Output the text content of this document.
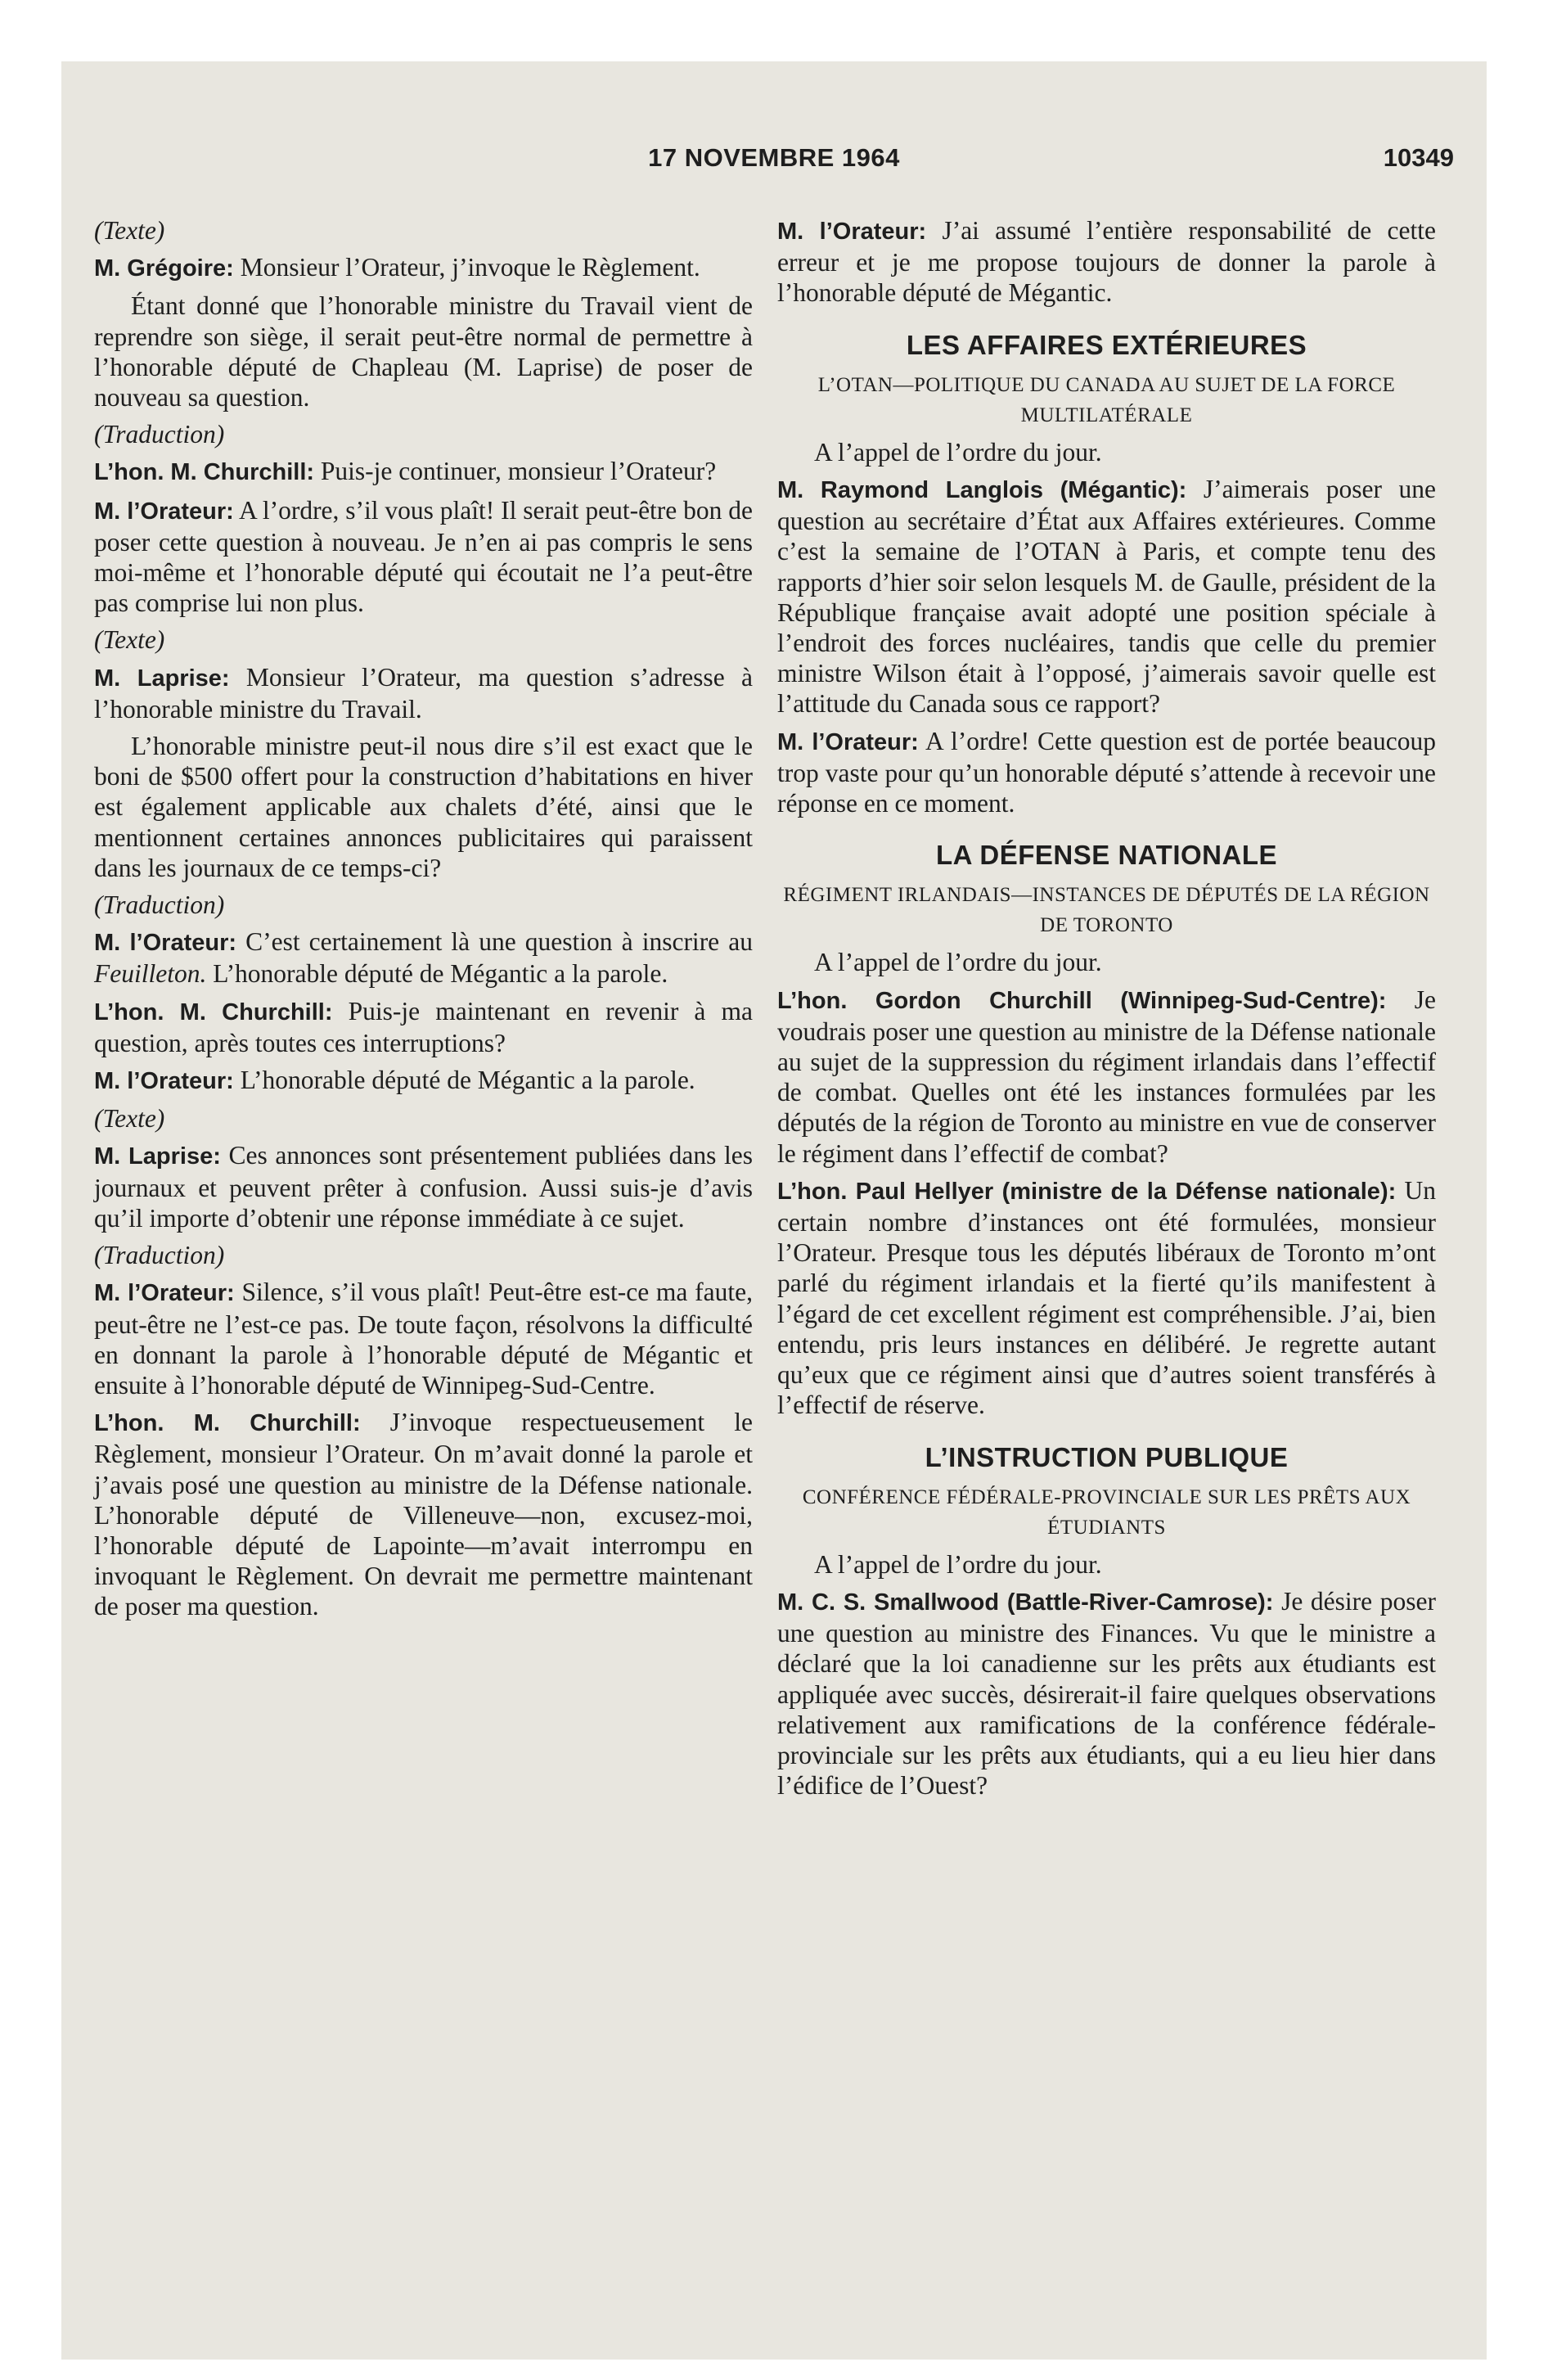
17 NOVEMBRE 1964	10349

(Texte)

M. Grégoire: Monsieur l’Orateur, j’invoque le Règlement.

Étant donné que l’honorable ministre du Travail vient de reprendre son siège, il serait peut-être normal de permettre à l’honorable député de Chapleau (M. Laprise) de poser de nouveau sa question.

(Traduction)

L’hon. M. Churchill: Puis-je continuer, monsieur l’Orateur?

M. l’Orateur: A l’ordre, s’il vous plaît! Il serait peut-être bon de poser cette question à nouveau. Je n’en ai pas compris le sens moi-même et l’honorable député qui écoutait ne l’a peut-être pas comprise lui non plus.

(Texte)

M. Laprise: Monsieur l’Orateur, ma question s’adresse à l’honorable ministre du Travail.

L’honorable ministre peut-il nous dire s’il est exact que le boni de $500 offert pour la construction d’habitations en hiver est également applicable aux chalets d’été, ainsi que le mentionnent certaines annonces publicitaires qui paraissent dans les journaux de ce temps-ci?

(Traduction)

M. l’Orateur: C’est certainement là une question à inscrire au Feuilleton. L’honorable député de Mégantic a la parole.

L’hon. M. Churchill: Puis-je maintenant en revenir à ma question, après toutes ces interruptions?

M. l’Orateur: L’honorable député de Mégantic a la parole.

(Texte)

M. Laprise: Ces annonces sont présentement publiées dans les journaux et peuvent prêter à confusion. Aussi suis-je d’avis qu’il importe d’obtenir une réponse immédiate à ce sujet.

(Traduction)

M. l’Orateur: Silence, s’il vous plaît! Peut-être est-ce ma faute, peut-être ne l’est-ce pas. De toute façon, résolvons la difficulté en donnant la parole à l’honorable député de Mégantic et ensuite à l’honorable député de Winnipeg-Sud-Centre.

L’hon. M. Churchill: J’invoque respectueusement le Règlement, monsieur l’Orateur. On m’avait donné la parole et j’avais posé une question au ministre de la Défense nationale. L’honorable député de Villeneuve—non, excusez-moi, l’honorable député de Lapointe—m’avait interrompu en invoquant le Règlement. On devrait me permettre maintenant de poser ma question.

M. l’Orateur: J’ai assumé l’entière responsabilité de cette erreur et je me propose toujours de donner la parole à l’honorable député de Mégantic.

LES AFFAIRES EXTÉRIEURES
L’OTAN—POLITIQUE DU CANADA AU SUJET DE LA FORCE MULTILATÉRALE

A l’appel de l’ordre du jour.

M. Raymond Langlois (Mégantic): J’aimerais poser une question au secrétaire d’État aux Affaires extérieures. Comme c’est la semaine de l’OTAN à Paris, et compte tenu des rapports d’hier soir selon lesquels M. de Gaulle, président de la République française avait adopté une position spéciale à l’endroit des forces nucléaires, tandis que celle du premier ministre Wilson était à l’opposé, j’aimerais savoir quelle est l’attitude du Canada sous ce rapport?

M. l’Orateur: A l’ordre! Cette question est de portée beaucoup trop vaste pour qu’un honorable député s’attende à recevoir une réponse en ce moment.

LA DÉFENSE NATIONALE
RÉGIMENT IRLANDAIS—INSTANCES DE DÉPUTÉS DE LA RÉGION DE TORONTO

A l’appel de l’ordre du jour.

L’hon. Gordon Churchill (Winnipeg-Sud-Centre): Je voudrais poser une question au ministre de la Défense nationale au sujet de la suppression du régiment irlandais dans l’effectif de combat. Quelles ont été les instances formulées par les députés de la région de Toronto au ministre en vue de conserver le régiment dans l’effectif de combat?

L’hon. Paul Hellyer (ministre de la Défense nationale): Un certain nombre d’instances ont été formulées, monsieur l’Orateur. Presque tous les députés libéraux de Toronto m’ont parlé du régiment irlandais et la fierté qu’ils manifestent à l’égard de cet excellent régiment est compréhensible. J’ai, bien entendu, pris leurs instances en délibéré. Je regrette autant qu’eux que ce régiment ainsi que d’autres soient transférés à l’effectif de réserve.

L’INSTRUCTION PUBLIQUE
CONFÉRENCE FÉDÉRALE-PROVINCIALE SUR LES PRÊTS AUX ÉTUDIANTS

A l’appel de l’ordre du jour.

M. C. S. Smallwood (Battle-River-Camrose): Je désire poser une question au ministre des Finances. Vu que le ministre a déclaré que la loi canadienne sur les prêts aux étudiants est appliquée avec succès, désirerait-il faire quelques observations relativement aux ramifications de la conférence fédérale-provinciale sur les prêts aux étudiants, qui a eu lieu hier dans l’édifice de l’Ouest?
